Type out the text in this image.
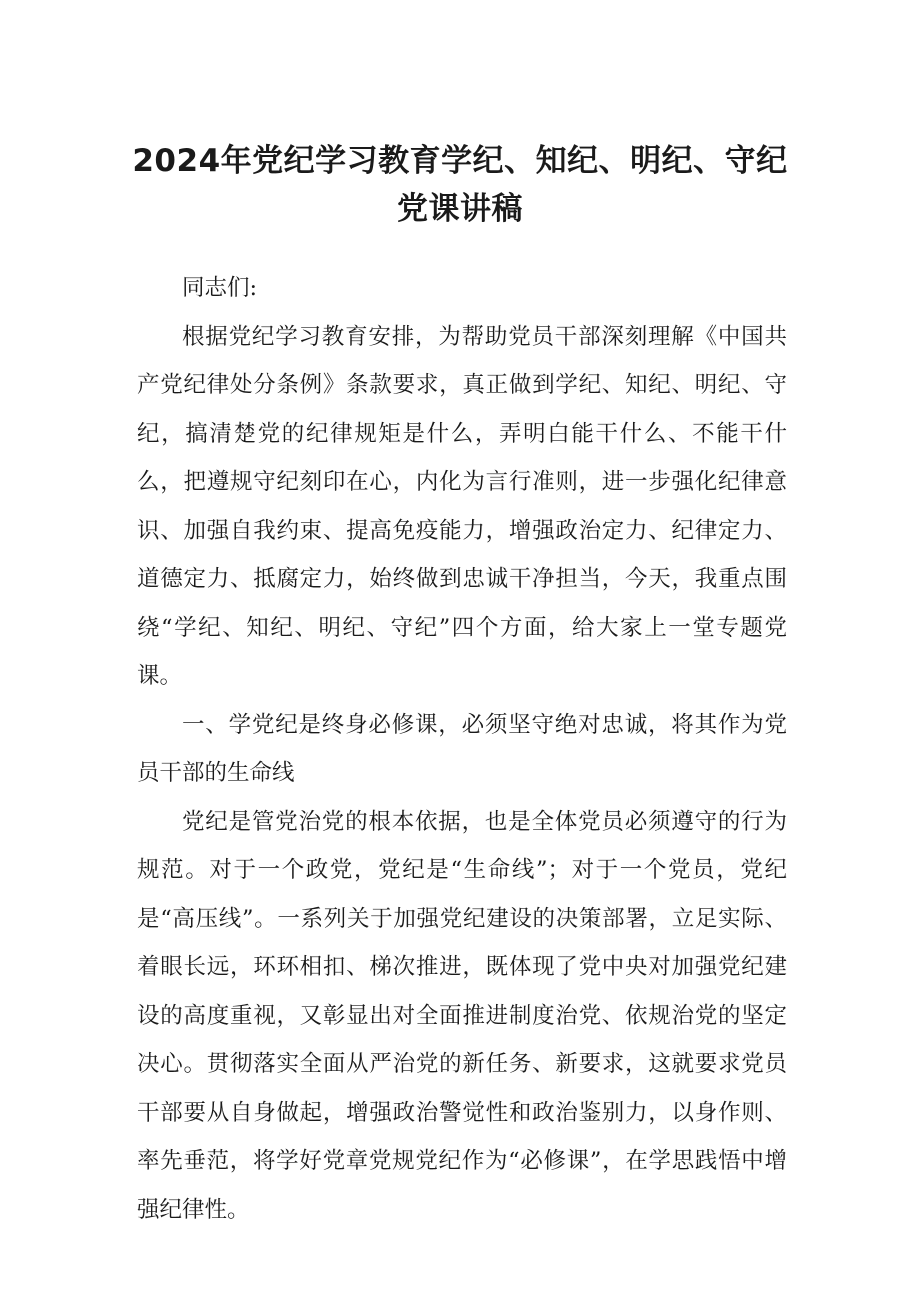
2024年党纪学习教育学纪、知纪、明纪、守纪
党课讲稿

同志们:

根据党纪学习教育安排，为帮助党员干部深刻理解《中国共产党纪律处分条例》条款要求，真正做到学纪、知纪、明纪、守纪，搞清楚党的纪律规矩是什么，弄明白能干什么、不能干什么，把遵规守纪刻印在心，内化为言行准则，进一步强化纪律意识、加强自我约束、提高免疫能力，增强政治定力、纪律定力、道德定力、抵腐定力，始终做到忠诚干净担当，今天，我重点围绕“学纪、知纪、明纪、守纪”四个方面，给大家上一堂专题党课。

一、学党纪是终身必修课，必须坚守绝对忠诚，将其作为党员干部的生命线

党纪是管党治党的根本依据，也是全体党员必须遵守的行为规范。对于一个政党，党纪是“生命线”；对于一个党员，党纪是“高压线”。一系列关于加强党纪建设的决策部署，立足实际、着眼长远，环环相扣、梯次推进，既体现了党中央对加强党纪建设的高度重视，又彰显出对全面推进制度治党、依规治党的坚定决心。贯彻落实全面从严治党的新任务、新要求，这就要求党员干部要从自身做起，增强政治警觉性和政治鉴别力，以身作则、率先垂范，将学好党章党规党纪作为“必修课”，在学思践悟中增强纪律性。
